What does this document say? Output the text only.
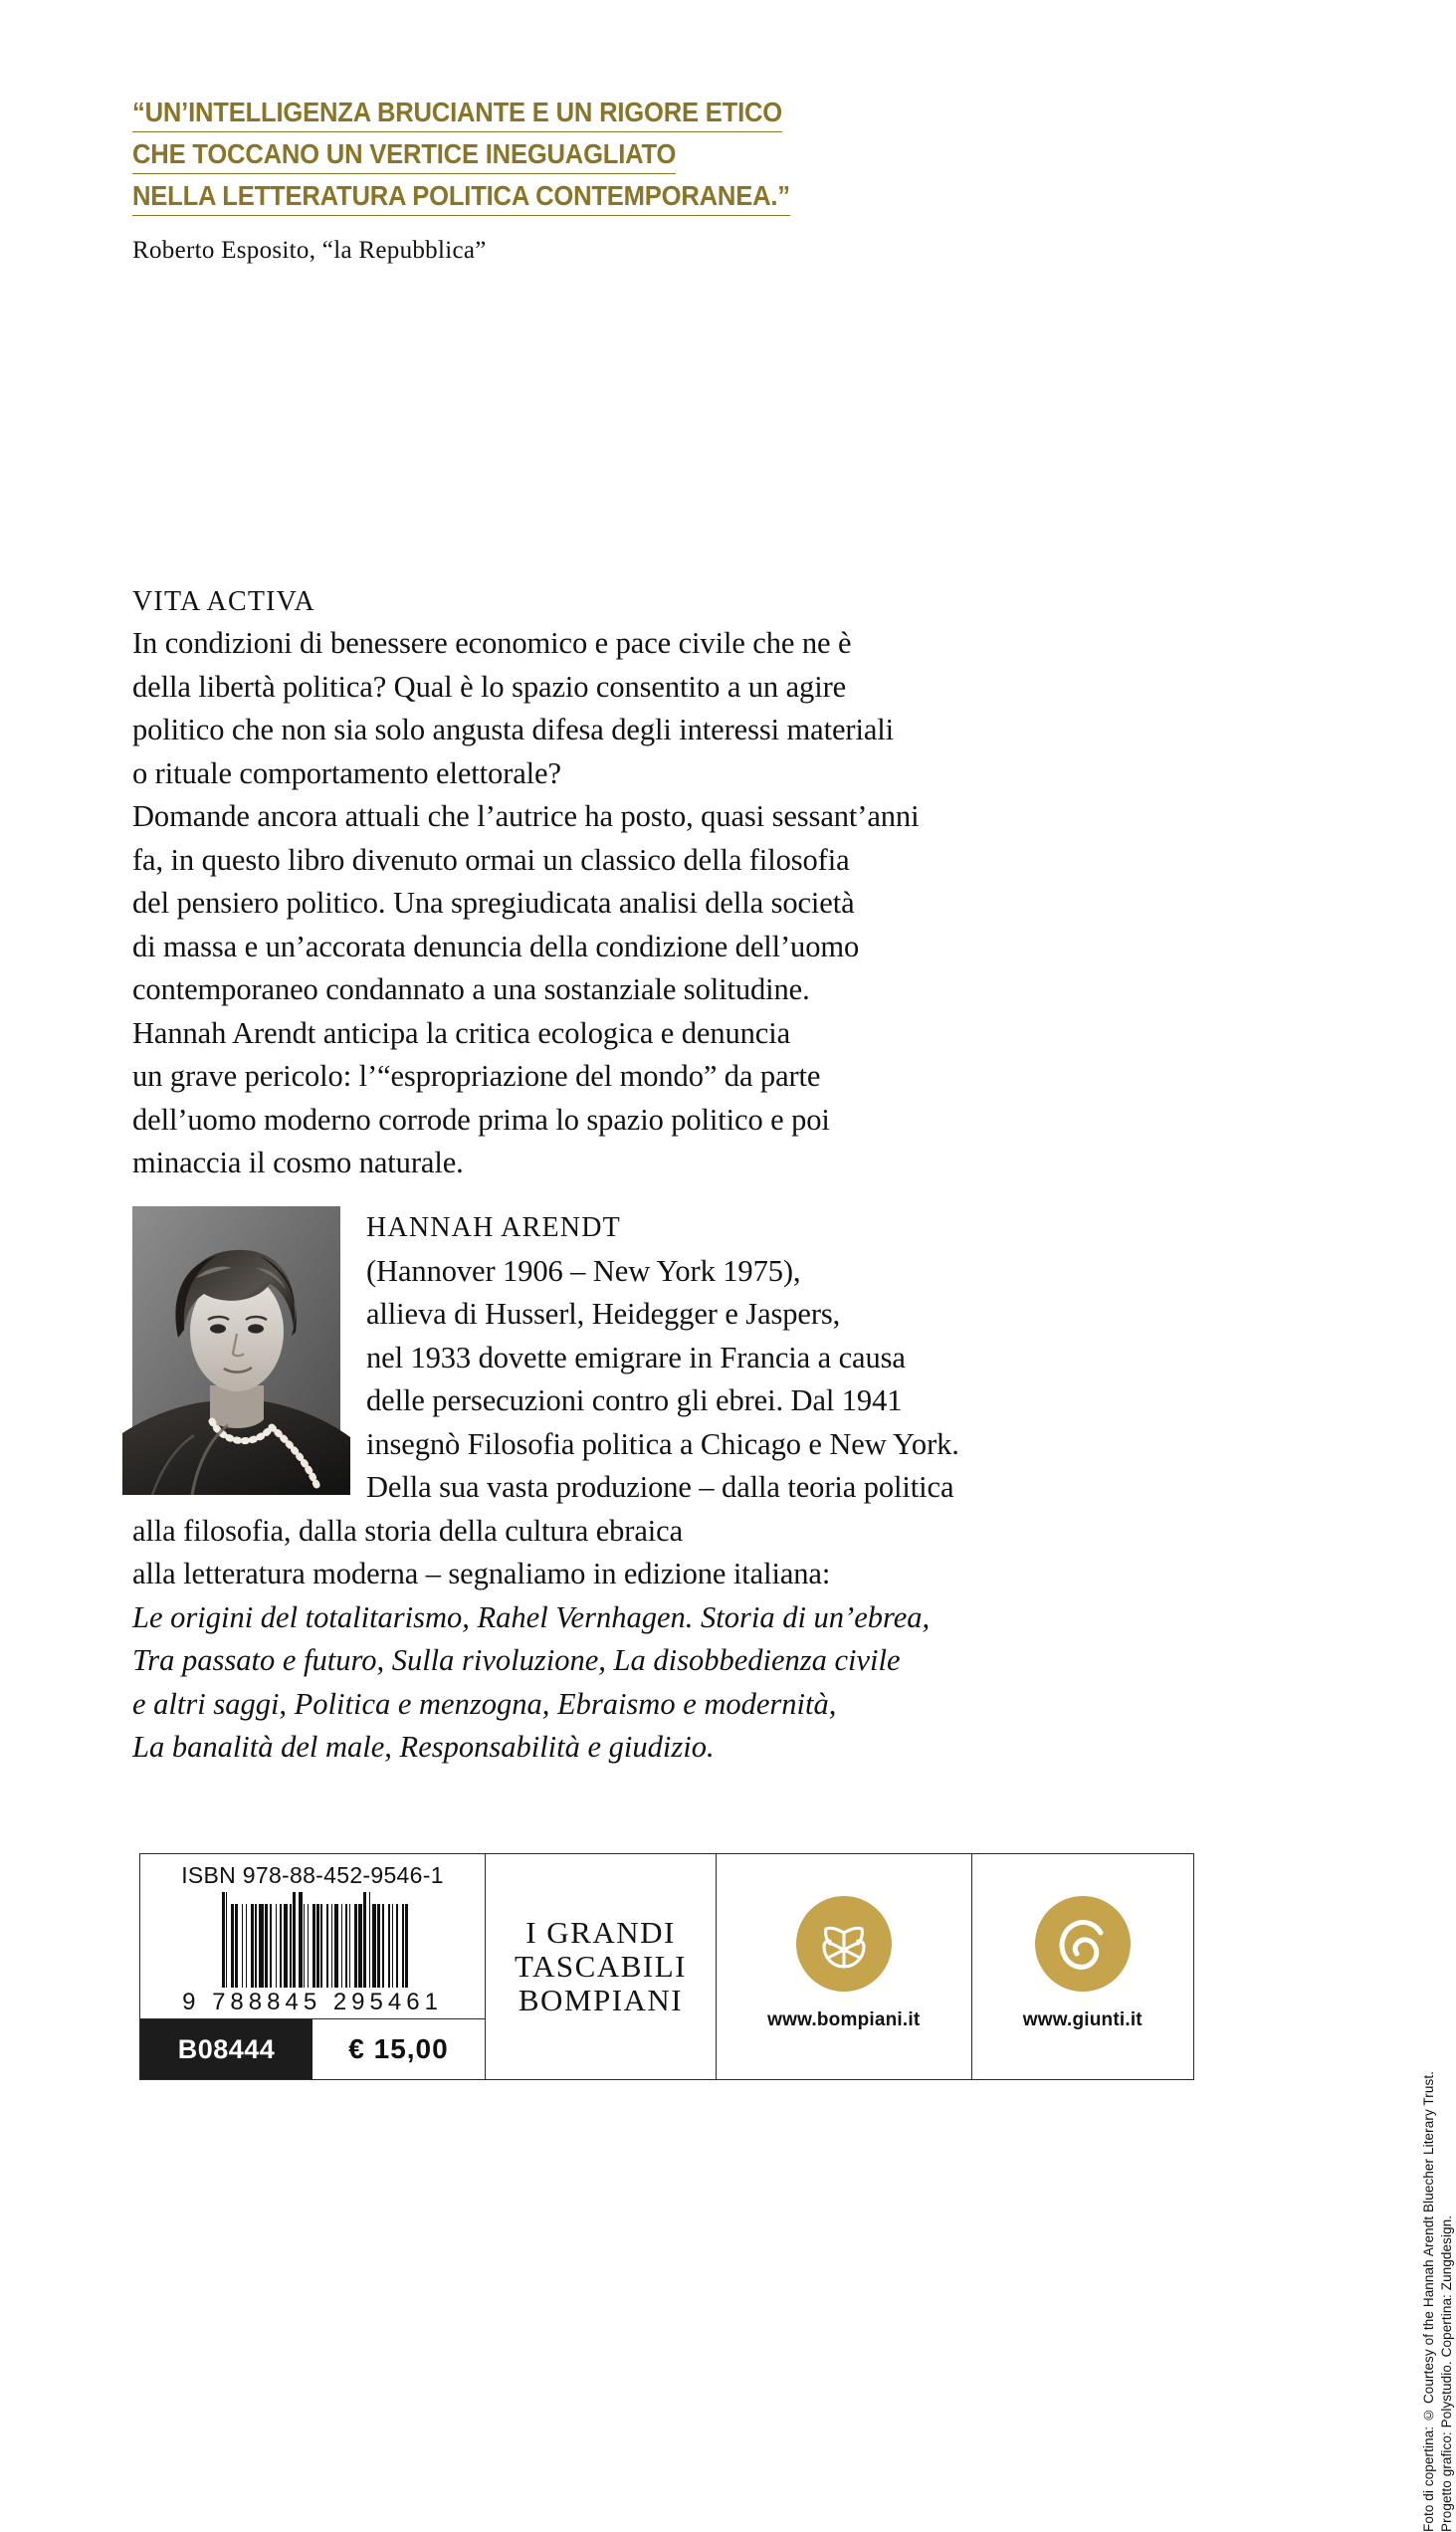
“UN’INTELLIGENZA BRUCIANTE E UN RIGORE ETICO CHE TOCCANO UN VERTICE INEGUAGLIATO NELLA LETTERATURA POLITICA CONTEMPORANEA.”
Roberto Esposito, “la Repubblica”
VITA ACTIVA
In condizioni di benessere economico e pace civile che ne è
della libertà politica? Qual è lo spazio consentito a un agire
politico che non sia solo angusta difesa degli interessi materiali
o rituale comportamento elettorale?
Domande ancora attuali che l’autrice ha posto, quasi sessant’anni
fa, in questo libro divenuto ormai un classico della filosofia
del pensiero politico. Una spregiudicata analisi della società
di massa e un’accorata denuncia della condizione dell’uomo
contemporaneo condannato a una sostanziale solitudine.
Hannah Arendt anticipa la critica ecologica e denuncia
un grave pericolo: l’“espropriazione del mondo” da parte
dell’uomo moderno corrode prima lo spazio politico e poi
minaccia il cosmo naturale.
HANNAH ARENDT
(Hannover 1906 – New York 1975),
allieva di Husserl, Heidegger e Jaspers,
nel 1933 dovette emigrare in Francia a causa
delle persecuzioni contro gli ebrei. Dal 1941
insegnò Filosofia politica a Chicago e New York.
Della sua vasta produzione – dalla teoria politica
alla filosofia, dalla storia della cultura ebraica
alla letteratura moderna – segnaliamo in edizione italiana:
Le origini del totalitarismo, Rahel Vernhagen. Storia di un’ebrea,
Tra passato e futuro, Sulla rivoluzione, La disobbedienza civile
e altri saggi, Politica e menzogna, Ebraismo e modernità,
La banalità del male, Responsabilità e giudizio.
ISBN 978-88-452-9546-1
9 788845 295461
B08444	€ 15,00
I GRANDI
TASCABILI
BOMPIANI
www.bompiani.it	www.giunti.it
Foto di copertina: © Courtesy of the Hannah Arendt Bluecher Literary Trust. Progetto grafico: Polystudio. Copertina: Zungdesign.
